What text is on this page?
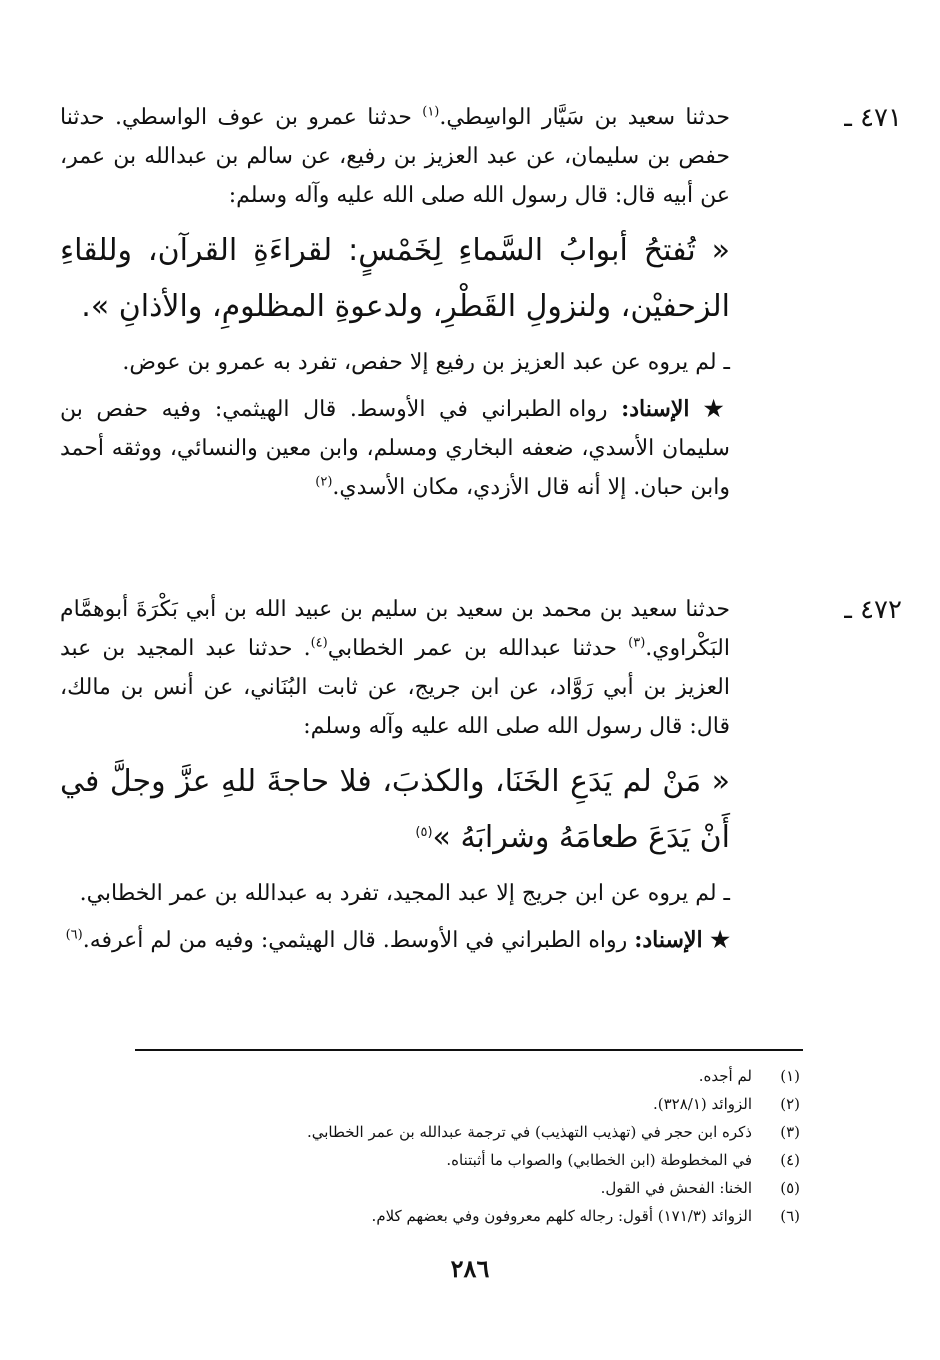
٤٧١ ـ

حدثنا سعيد بن سَيَّار الواسِطي.$^{(١)}$ حدثنا عمرو بن عوف الواسطي. حدثنا حفص بن سليمان، عن عبد العزيز بن رفيع، عن سالم بن عبدالله بن عمر، عن أبيه قال: قال رسول الله صلى الله عليه وآله وسلم:

« تُفتحُ أبوابُ السَّماءِ لِخَمْسٍ: لقراءَةِ القرآن، وللقاءِ الزحفيْن، ولنزولِ القَطْرِ، ولدعوةِ المظلومِ، والأذانِ ».

ـ لم يروه عن عبد العزيز بن رفيع إلا حفص، تفرد به عمرو بن عوض.

★ الإسناد: رواه الطبراني في الأوسط. قال الهيثمي: وفيه حفص بن سليمان الأسدي، ضعفه البخاري ومسلم، وابن معين والنسائي، ووثقه أحمد وابن حبان. إلا أنه قال الأزدي، مكان الأسدي.$^{(٢)}$

٤٧٢ ـ

حدثنا سعيد بن محمد بن سعيد بن سليم بن عبيد الله بن أبي بَكْرَةَ أبوهمَّام البَكْراوي.$^{(٣)}$ حدثنا عبدالله بن عمر الخطابي$^{(٤)}$. حدثنا عبد المجيد بن عبد العزيز بن أبي رَوَّاد، عن ابن جريج، عن ثابت البُنَاني، عن أنس بن مالك، قال: قال رسول الله صلى الله عليه وآله وسلم:

« مَنْ لم يَدَعِ الخَنَا، والكذبَ، فلا حاجةَ للهِ عزَّ وجلَّ في أَنْ يَدَعَ طعامَهُ وشرابَهُ »$^{(٥)}$

ـ لم يروه عن ابن جريج إلا عبد المجيد، تفرد به عبدالله بن عمر الخطابي.

★ الإسناد: رواه الطبراني في الأوسط. قال الهيثمي: وفيه من لم أعرفه.$^{(٦)}$

(١)
لم أجده.
(٢)
الزوائد (٣٢٨/١).
(٣)
ذكره ابن حجر في (تهذيب التهذيب) في ترجمة عبدالله بن عمر الخطابي.
(٤)
في المخطوطة (ابن الخطابي) والصواب ما أثبتناه.
(٥)
الخنا: الفحش في القول.
(٦)
الزوائد (١٧١/٣) أقول: رجاله كلهم معروفون وفي بعضهم كلام.
٢٨٦
